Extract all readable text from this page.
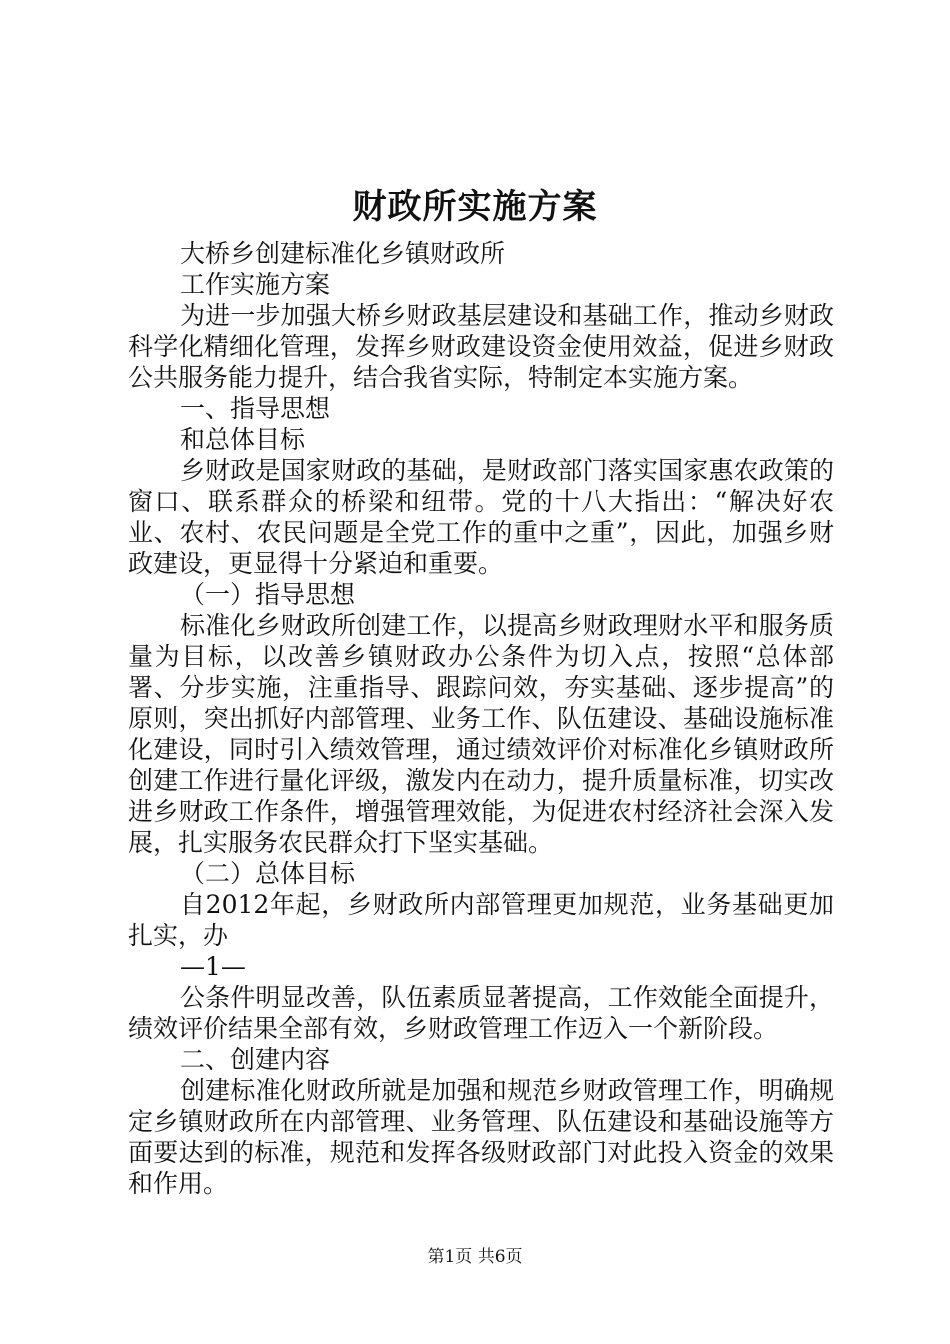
财政所实施方案

大桥乡创建标准化乡镇财政所

工作实施方案

为进一步加强大桥乡财政基层建设和基础工作，推动乡财政科学化精细化管理，发挥乡财政建设资金使用效益，促进乡财政公共服务能力提升，结合我省实际，特制定本实施方案。

一、指导思想

和总体目标

乡财政是国家财政的基础，是财政部门落实国家惠农政策的窗口、联系群众的桥梁和纽带。党的十八大指出：“解决好农业、农村、农民问题是全党工作的重中之重”，因此，加强乡财政建设，更显得十分紧迫和重要。

（一）指导思想

标准化乡财政所创建工作，以提高乡财政理财水平和服务质量为目标，以改善乡镇财政办公条件为切入点，按照“总体部署、分步实施，注重指导、跟踪问效，夯实基础、逐步提高”的原则，突出抓好内部管理、业务工作、队伍建设、基础设施标准化建设，同时引入绩效管理，通过绩效评价对标准化乡镇财政所创建工作进行量化评级，激发内在动力，提升质量标准，切实改进乡财政工作条件，增强管理效能，为促进农村经济社会深入发展，扎实服务农民群众打下坚实基础。

（二）总体目标

自2012年起，乡财政所内部管理更加规范，业务基础更加扎实，办

—1—

公条件明显改善，队伍素质显著提高，工作效能全面提升，绩效评价结果全部有效，乡财政管理工作迈入一个新阶段。

二、创建内容

创建标准化财政所就是加强和规范乡财政管理工作，明确规定乡镇财政所在内部管理、业务管理、队伍建设和基础设施等方面要达到的标准，规范和发挥各级财政部门对此投入资金的效果和作用。

第1页 共6页
